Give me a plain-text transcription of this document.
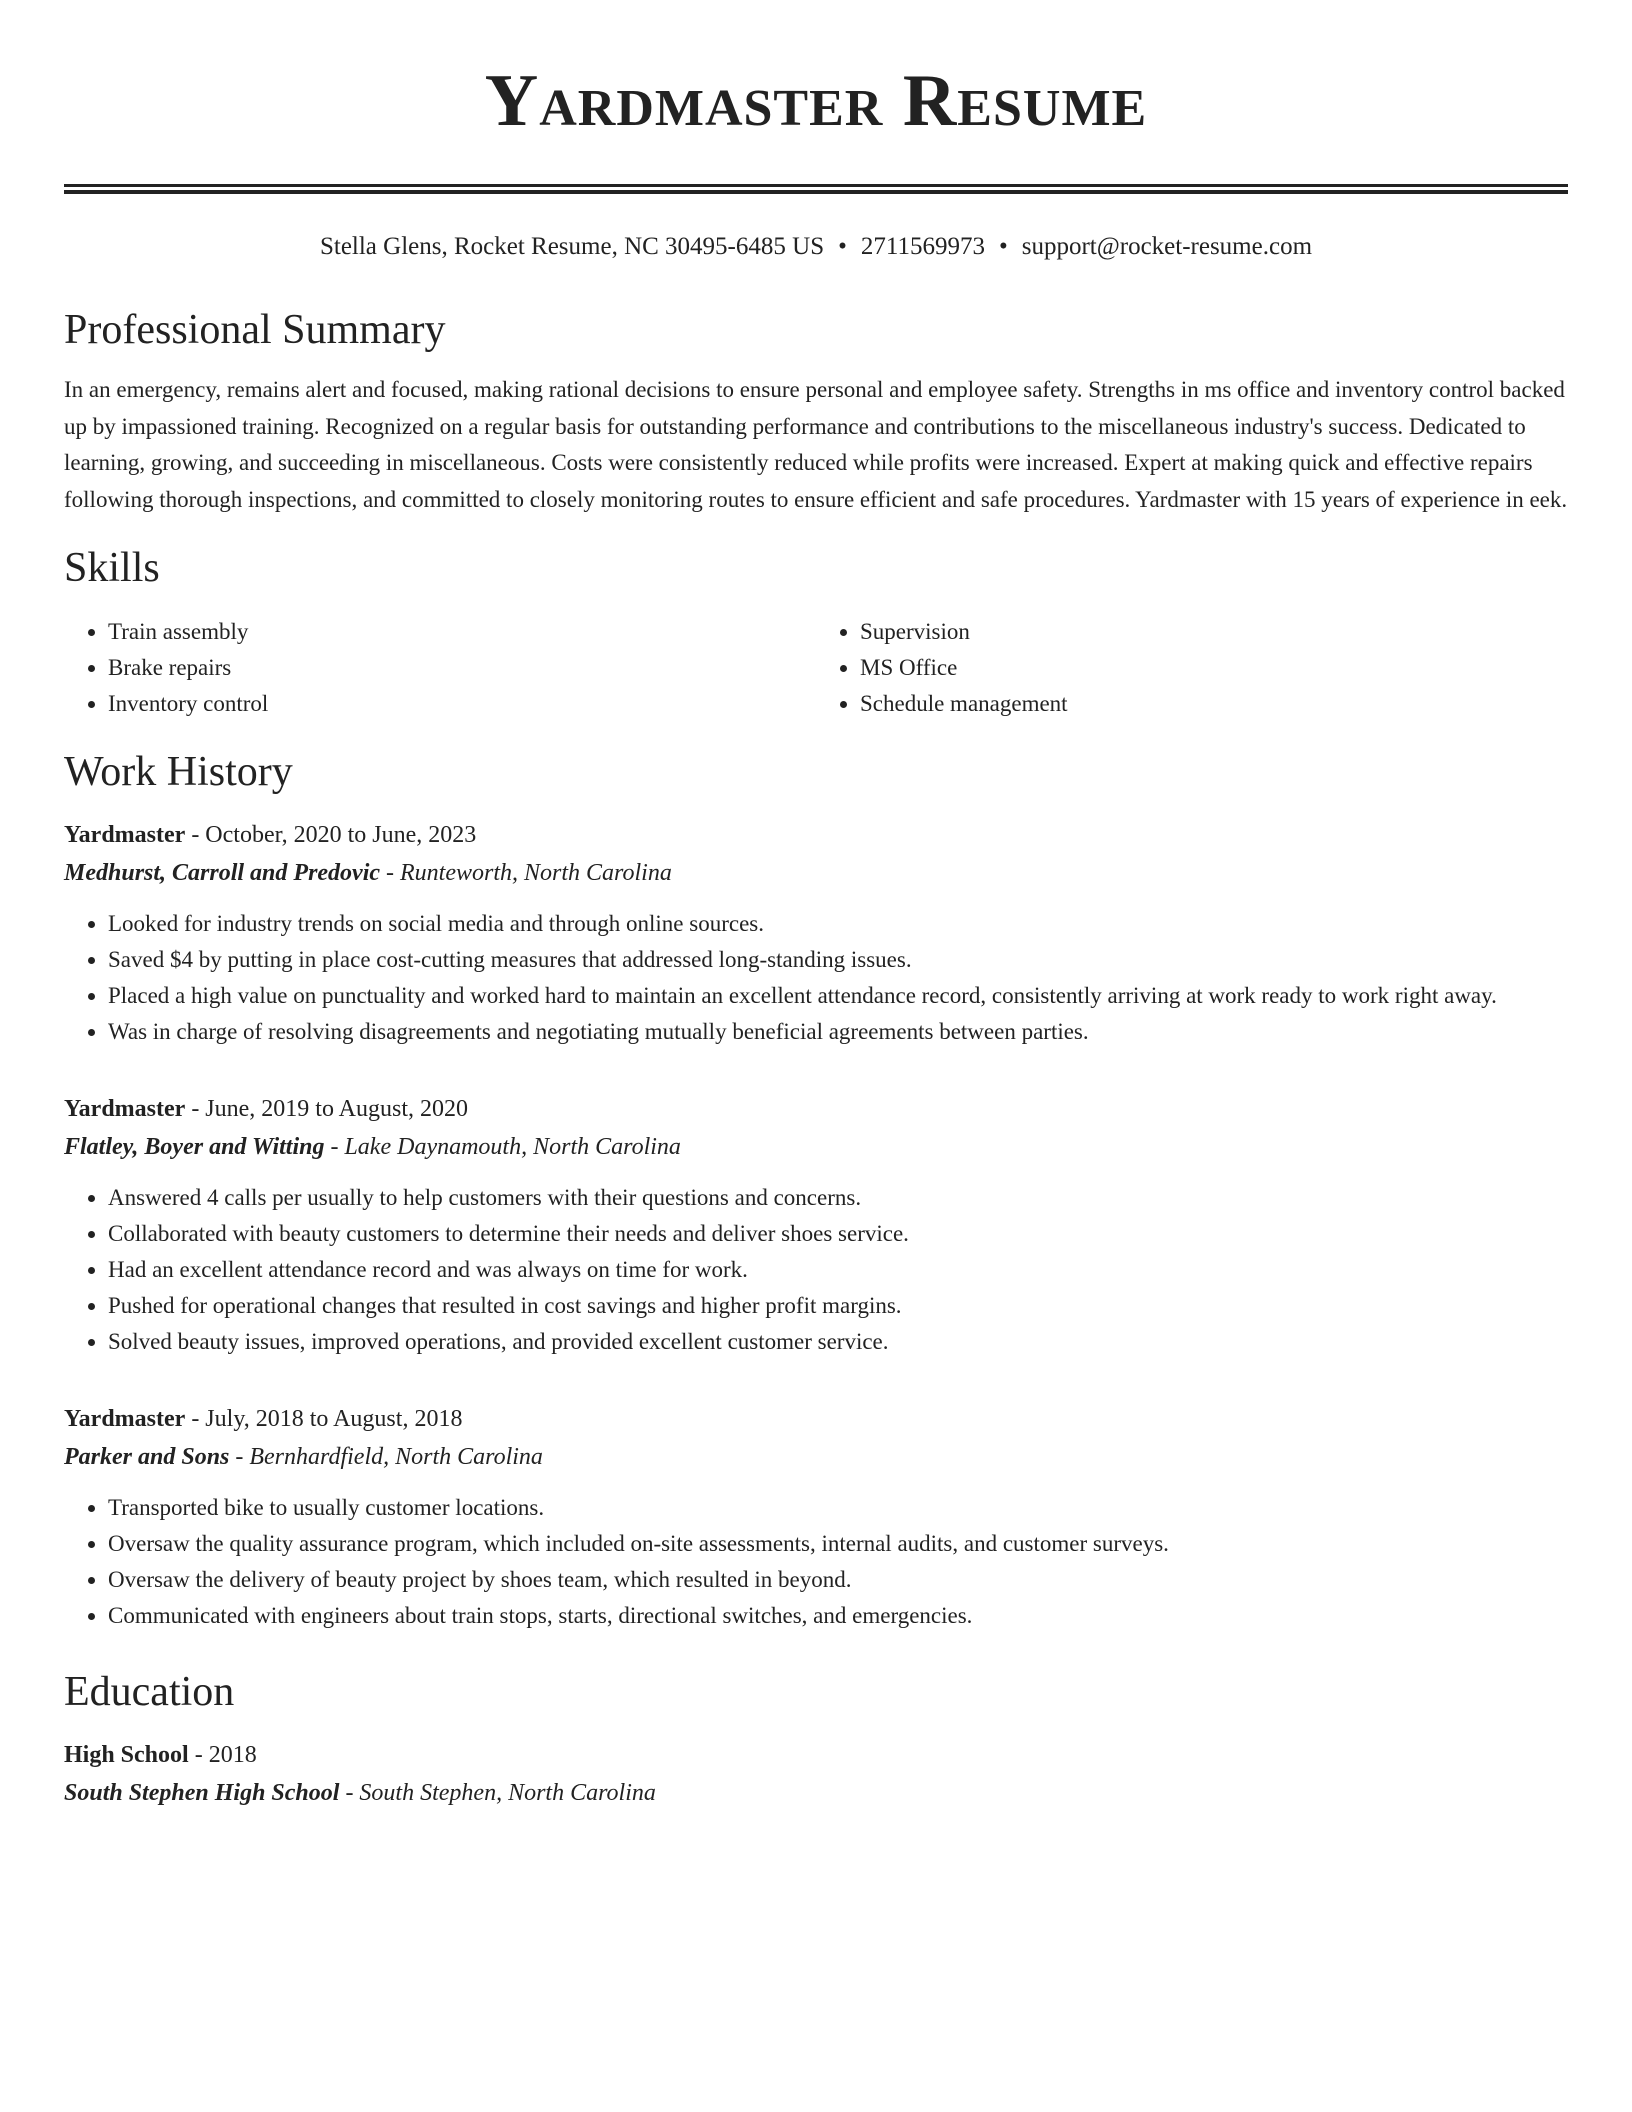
Yardmaster Resume
Stella Glens, Rocket Resume, NC 30495-6485 US • 2711569973 • support@rocket-resume.com
Professional Summary

In an emergency, remains alert and focused, making rational decisions to ensure personal and employee safety. Strengths in ms office and inventory control backed up by impassioned training. Recognized on a regular basis for outstanding performance and contributions to the miscellaneous industry's success. Dedicated to learning, growing, and succeeding in miscellaneous. Costs were consistently reduced while profits were increased. Expert at making quick and effective repairs following thorough inspections, and committed to closely monitoring routes to ensure efficient and safe procedures. Yardmaster with 15 years of experience in eek.

Skills
• Train assembly
• Brake repairs
• Inventory control
• Supervision
• MS Office
• Schedule management
Work History
Yardmaster - October, 2020 to June, 2023
Medhurst, Carroll and Predovic - Runteworth, North Carolina
• Looked for industry trends on social media and through online sources.
• Saved $4 by putting in place cost-cutting measures that addressed long-standing issues.
• Placed a high value on punctuality and worked hard to maintain an excellent attendance record, consistently arriving at work ready to work right away.
• Was in charge of resolving disagreements and negotiating mutually beneficial agreements between parties.
Yardmaster - June, 2019 to August, 2020
Flatley, Boyer and Witting - Lake Daynamouth, North Carolina
• Answered 4 calls per usually to help customers with their questions and concerns.
• Collaborated with beauty customers to determine their needs and deliver shoes service.
• Had an excellent attendance record and was always on time for work.
• Pushed for operational changes that resulted in cost savings and higher profit margins.
• Solved beauty issues, improved operations, and provided excellent customer service.
Yardmaster - July, 2018 to August, 2018
Parker and Sons - Bernhardfield, North Carolina
• Transported bike to usually customer locations.
• Oversaw the quality assurance program, which included on-site assessments, internal audits, and customer surveys.
• Oversaw the delivery of beauty project by shoes team, which resulted in beyond.
• Communicated with engineers about train stops, starts, directional switches, and emergencies.
Education
High School - 2018
South Stephen High School - South Stephen, North Carolina
